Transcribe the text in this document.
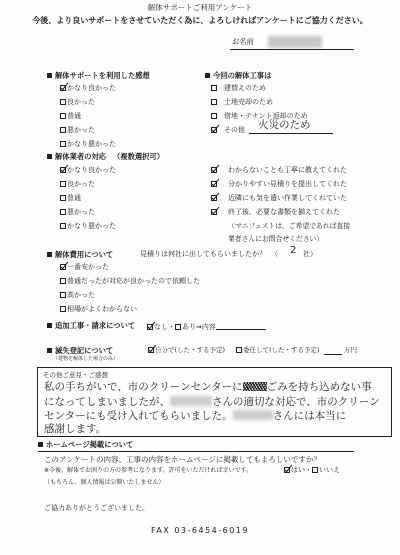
解体サポートご利用アンケート
今後、より良いサポートをさせていただく為に、よろしければアンケートにご協力ください。
お名前
解体サポートを利用した感想
かなり良かった
良かった
普通
悪かった
かなり悪かった
今回の解体工事は
建替えのため
土地売却のため
借地・テナント返却のため
その他 火災のため
解体業者の対応 （複数選択可）
かなり良かった
良かった
普通
悪かった
かなり悪かった
わからないことも丁寧に教えてくれた
分かりやすい見積りを提出してくれた
近隣にも気を遣い作業してくれていた
終了後、必要な書類を揃えてくれた
（マニフェストは、ご希望であれば直接
業者さんにお問合せください）
解体費用について	見積りは何社に出してもらいましたか？ （ 2 社）
一番安かった
普通だったが対応が良かったので依頼した
高かった
相場がよくわからない
追加工事・請求について	なし・ あり⇒内容
滅失登記について
（建物を解体した場合のみ）
自分で(した・する予定)	委任して(した・する予定)	万円
その他ご意見・ご感想
私の手ちがいで、市のクリーンセンターに ごみを持ち込めない事
になってしまいましたが、	さんの適切な対応で、市のクリーン
センターにも受け入れてもらいました。	さんには本当に
感謝します。
ホームページ掲載について
このアンケートの内容、工事の内容をホームページに掲載してもよろしいですか？
※今後、解体でお困りの方の参考になります。許可をいただければ幸いです。	はい・ いいえ
（もちろん、個人情報は公開いたしません）
ご協力ありがとうございました。
FAX 03-6454-6019
